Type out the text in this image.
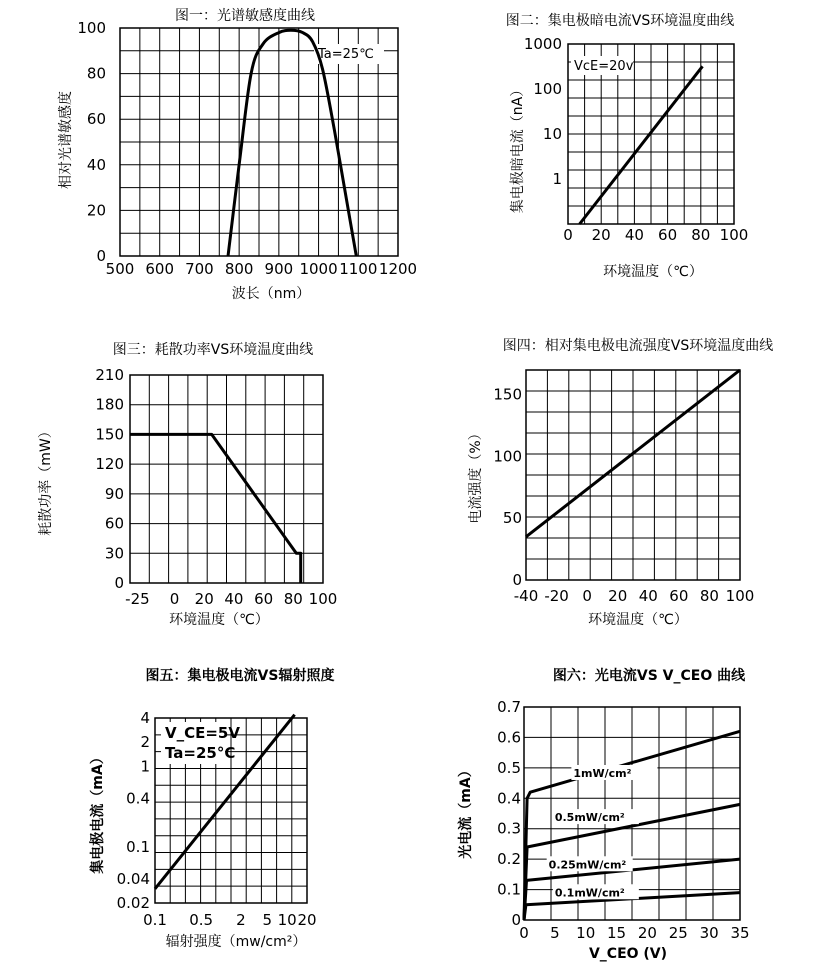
图一：光谱敏感度曲线
500 600 700 800 900 1000 1100 1200
0
20
40
60
80
100
波长（nm）
相对光谱敏感度
Ta=25℃
图二：集电极暗电流VS环境温度曲线
0 20 40 60 80 100
1
10
100
1000
环境温度（℃）
集电极暗电流（nA）
VcE=20v
图三：耗散功率VS环境温度曲线
-25 0 20 40 60 80 100
0
30
60
90
120
150
180
210
环境温度（℃）
耗散功率（mW）
图四：相对集电极电流强度VS环境温度曲线
-40 -20 0 20 40 60 80 100
0
50
100
150
环境温度（℃）
电流强度（%）
图五：集电极电流VS辐射照度
0.1 0.5 2 5 10 20
0.02
0.04
0.1
0.4
1
2
4
辐射强度（mw/cm²）
集电极电流（mA）
V_CE=5V
Ta=25°C
图六：光电流VS V_CEO 曲线
0 5 10 15 20 25 30 35
0
0.1
0.2
0.3
0.4
0.5
0.6
0.7
V_CEO (V)
光电流（mA）	1mW/cm²
0.5mW/cm²
0.25mW/cm²
0.1mW/cm²
